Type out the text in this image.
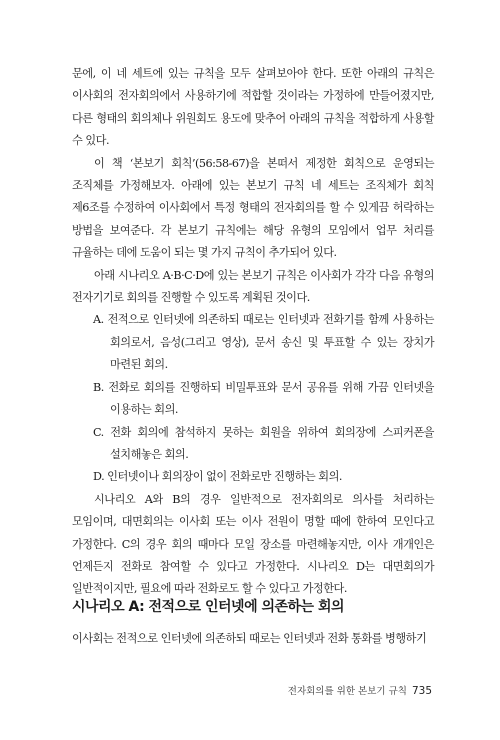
문에, 이 네 세트에 있는 규칙을 모두 살펴보아야 한다. 또한 아래의 규칙은 이사회의 전자회의에서 사용하기에 적합할 것이라는 가정하에 만들어졌지만, 다른 형태의 회의체나 위원회도 용도에 맞추어 아래의 규칙을 적합하게 사용할 수 있다.

이 책 ‘본보기 회칙’(56:58-67)을 본떠서 제정한 회칙으로 운영되는 조직체를 가정해보자. 아래에 있는 본보기 규칙 네 세트는 조직체가 회칙 제6조를 수정하여 이사회에서 특정 형태의 전자회의를 할 수 있게끔 허락하는 방법을 보여준다. 각 본보기 규칙에는 해당 유형의 모임에서 업무 처리를 규율하는 데에 도움이 되는 몇 가지 규칙이 추가되어 있다.

아래 시나리오 A·B·C·D에 있는 본보기 규칙은 이사회가 각각 다음 유형의 전자기기로 회의를 진행할 수 있도록 계획된 것이다.

A. 전적으로 인터넷에 의존하되 때로는 인터넷과 전화기를 함께 사용하는 회의로서, 음성(그리고 영상), 문서 송신 및 투표할 수 있는 장치가 마련된 회의.
B. 전화로 회의를 진행하되 비밀투표와 문서 공유를 위해 가끔 인터넷을 이용하는 회의.
C. 전화 회의에 참석하지 못하는 회원을 위하여 회의장에 스피커폰을 설치해놓은 회의.
D. 인터넷이나 회의장이 없이 전화로만 진행하는 회의.

시나리오 A와 B의 경우 일반적으로 전자회의로 의사를 처리하는 모임이며, 대면회의는 이사회 또는 이사 전원이 명할 때에 한하여 모인다고 가정한다. C의 경우 회의 때마다 모일 장소를 마련해놓지만, 이사 개개인은 언제든지 전화로 참여할 수 있다고 가정한다. 시나리오 D는 대면회의가 일반적이지만, 필요에 따라 전화로도 할 수 있다고 가정한다.

시나리오 A: 전적으로 인터넷에 의존하는 회의

이사회는 전적으로 인터넷에 의존하되 때로는 인터넷과 전화 통화를 병행하기

전자회의를 위한 본보기 규칙 735
